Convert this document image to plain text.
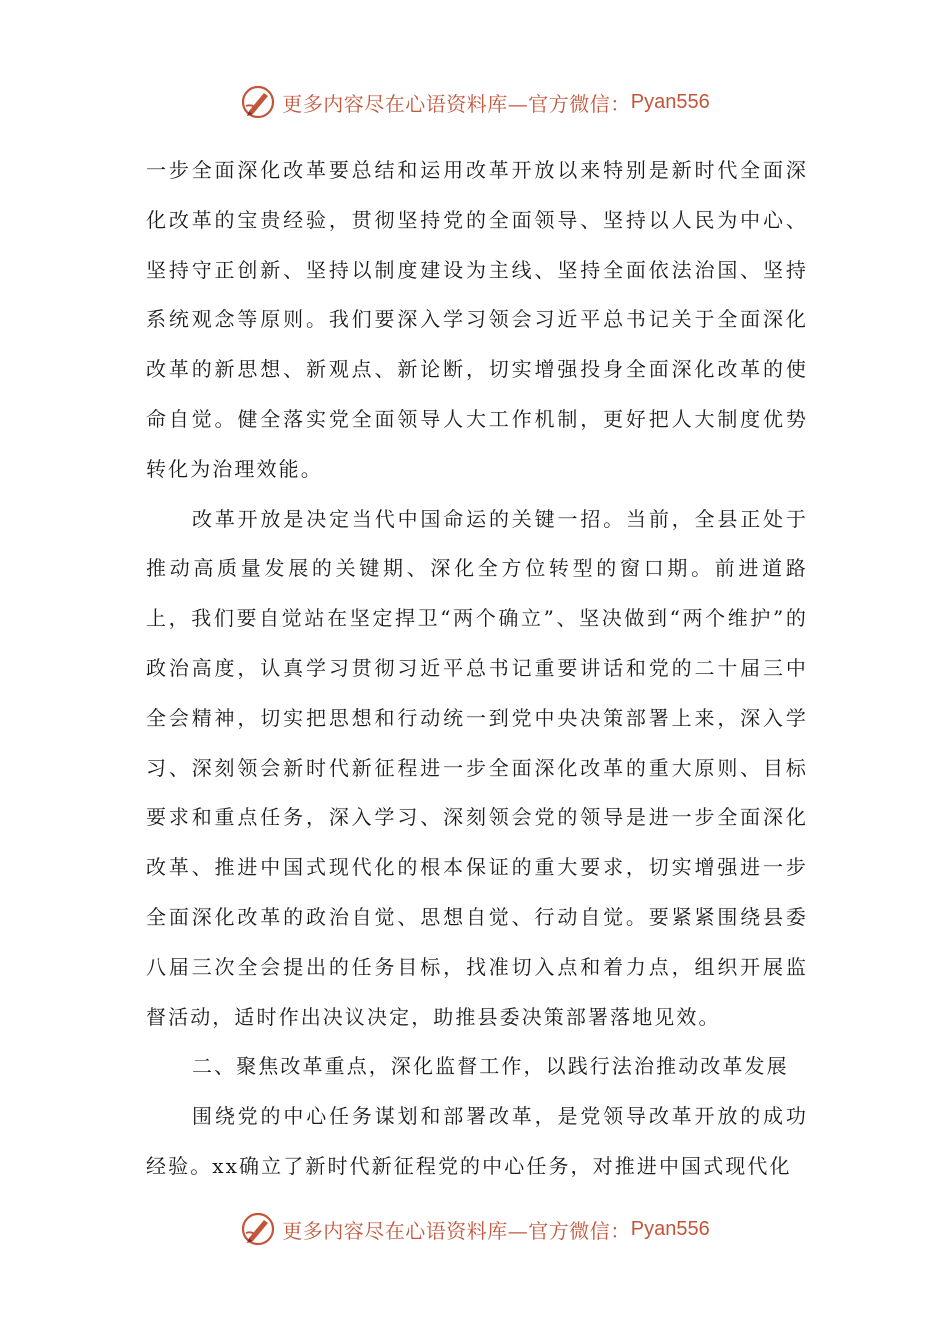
更多内容尽在心语资料库—官方微信： Pyan556

一步全面深化改革要总结和运用改革开放以来特别是新时代全面深化改革的宝贵经验，贯彻坚持党的全面领导、坚持以人民为中心、坚持守正创新、坚持以制度建设为主线、坚持全面依法治国、坚持系统观念等原则。我们要深入学习领会习近平总书记关于全面深化改革的新思想、新观点、新论断，切实增强投身全面深化改革的使命自觉。健全落实党全面领导人大工作机制，更好把人大制度优势转化为治理效能。

改革开放是决定当代中国命运的关键一招。当前，全县正处于推动高质量发展的关键期、深化全方位转型的窗口期。前进道路上，我们要自觉站在坚定捍卫“两个确立”、坚决做到“两个维护”的政治高度，认真学习贯彻习近平总书记重要讲话和党的二十届三中全会精神，切实把思想和行动统一到党中央决策部署上来，深入学习、深刻领会新时代新征程进一步全面深化改革的重大原则、目标要求和重点任务，深入学习、深刻领会党的领导是进一步全面深化改革、推进中国式现代化的根本保证的重大要求，切实增强进一步全面深化改革的政治自觉、思想自觉、行动自觉。要紧紧围绕县委八届三次全会提出的任务目标，找准切入点和着力点，组织开展监督活动，适时作出决议决定，助推县委决策部署落地见效。

二、聚焦改革重点，深化监督工作，以践行法治推动改革发展

围绕党的中心任务谋划和部署改革，是党领导改革开放的成功经验。xx确立了新时代新征程党的中心任务，对推进中国式现代化

更多内容尽在心语资料库—官方微信： Pyan556
